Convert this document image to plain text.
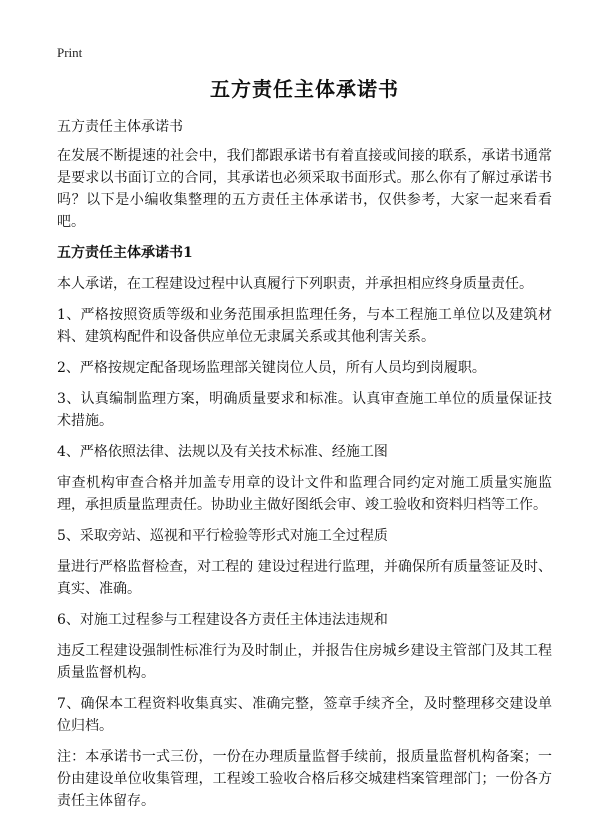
Print
五方责任主体承诺书
五方责任主体承诺书

在发展不断提速的社会中，我们都跟承诺书有着直接或间接的联系，承诺书通常是要求以书面订立的合同，其承诺也必须采取书面形式。那么你有了解过承诺书吗？以下是小编收集整理的五方责任主体承诺书，仅供参考，大家一起来看看吧。

五方责任主体承诺书1

本人承诺，在工程建设过程中认真履行下列职责，并承担相应终身质量责任。

1、严格按照资质等级和业务范围承担监理任务，与本工程施工单位以及建筑材料、建筑构配件和设备供应单位无隶属关系或其他利害关系。

2、严格按规定配备现场监理部关键岗位人员，所有人员均到岗履职。

3、认真编制监理方案，明确质量要求和标准。认真审查施工单位的质量保证技术措施。

4、严格依照法律、法规以及有关技术标准、经施工图

审查机构审查合格并加盖专用章的设计文件和监理合同约定对施工质量实施监理，承担质量监理责任。协助业主做好图纸会审、竣工验收和资料归档等工作。

5、采取旁站、巡视和平行检验等形式对施工全过程质

量进行严格监督检查，对工程的 建设过程进行监理，并确保所有质量签证及时、真实、准确。

6、对施工过程参与工程建设各方责任主体违法违规和

违反工程建设强制性标准行为及时制止，并报告住房城乡建设主管部门及其工程质量监督机构。

7、确保本工程资料收集真实、准确完整，签章手续齐全，及时整理移交建设单位归档。

注：本承诺书一式三份，一份在办理质量监督手续前，报质量监督机构备案；一份由建设单位收集管理，工程竣工验收合格后移交城建档案管理部门；一份各方责任主体留存。
